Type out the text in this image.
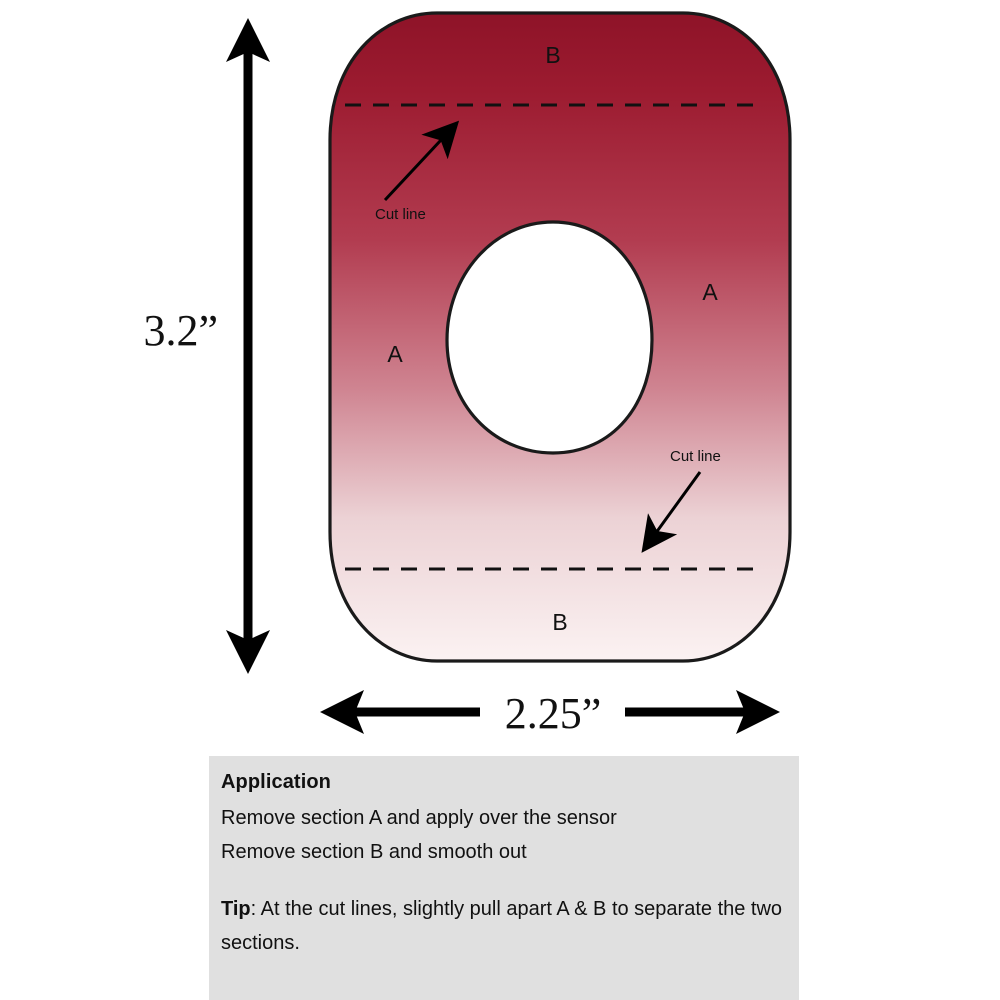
Cut line
Cut line
B
A
A
B
3.2”
2.25”
Application

Remove section A and apply over the sensor

Remove section B and smooth out

Tip: At the cut lines, slightly pull apart A & B to separate the two sections.
